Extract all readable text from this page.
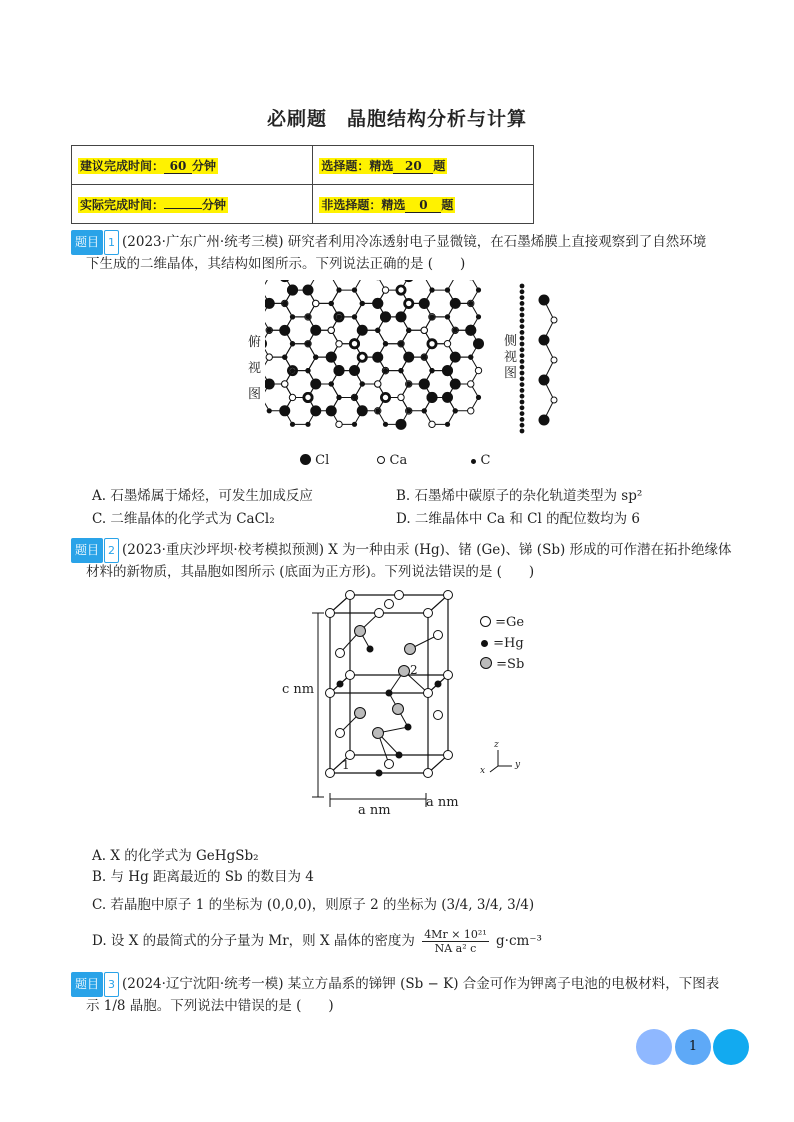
必刷题　晶胞结构分析与计算
建议完成时间： 60 分钟	选择题：精选 20 题
实际完成时间： 分钟	非选择题：精选 0 题
题目 1 (2023·广东广州·统考三模) 研究者利用冷冻透射电子显微镜，在石墨烯膜上直接观察到了自然环境
下生成的二维晶体，其结构如图所示。下列说法正确的是 (　　)
俯视图
侧视图
Cl	Ca	C
A. 石墨烯属于烯烃，可发生加成反应	B. 石墨烯中碳原子的杂化轨道类型为 sp²
C. 二维晶体的化学式为 CaCl₂	D. 二维晶体中 Ca 和 Cl 的配位数均为 6
题目 2 (2023·重庆沙坪坝·校考模拟预测) X 为一种由汞 (Hg)、锗 (Ge)、锑 (Sb) 形成的可作潜在拓扑绝缘体
材料的新物质，其晶胞如图所示 (底面为正方形)。下列说法错误的是 (　　)
c nm
a nm
a nm
1
2
=Ge
=Hg
=Sb
z
x
y
A. X 的化学式为 GeHgSb₂
B. 与 Hg 距离最近的 Sb 的数目为 4
C. 若晶胞中原子 1 的坐标为 (0,0,0)，则原子 2 的坐标为 (3/4, 3/4, 3/4)
D. 设 X 的最简式的分子量为 Mr，则 X 晶体的密度为 $\frac{\text{4Mr × 10²¹}}{\text{NA a² c}} g\cdot cm^{-3}$
题目 3 (2024·辽宁沈阳·统考一模) 某立方晶系的锑钾 (Sb − K) 合金可作为钾离子电池的电极材料，下图表
示 1/8 晶胞。下列说法中错误的是 (　　)
1
